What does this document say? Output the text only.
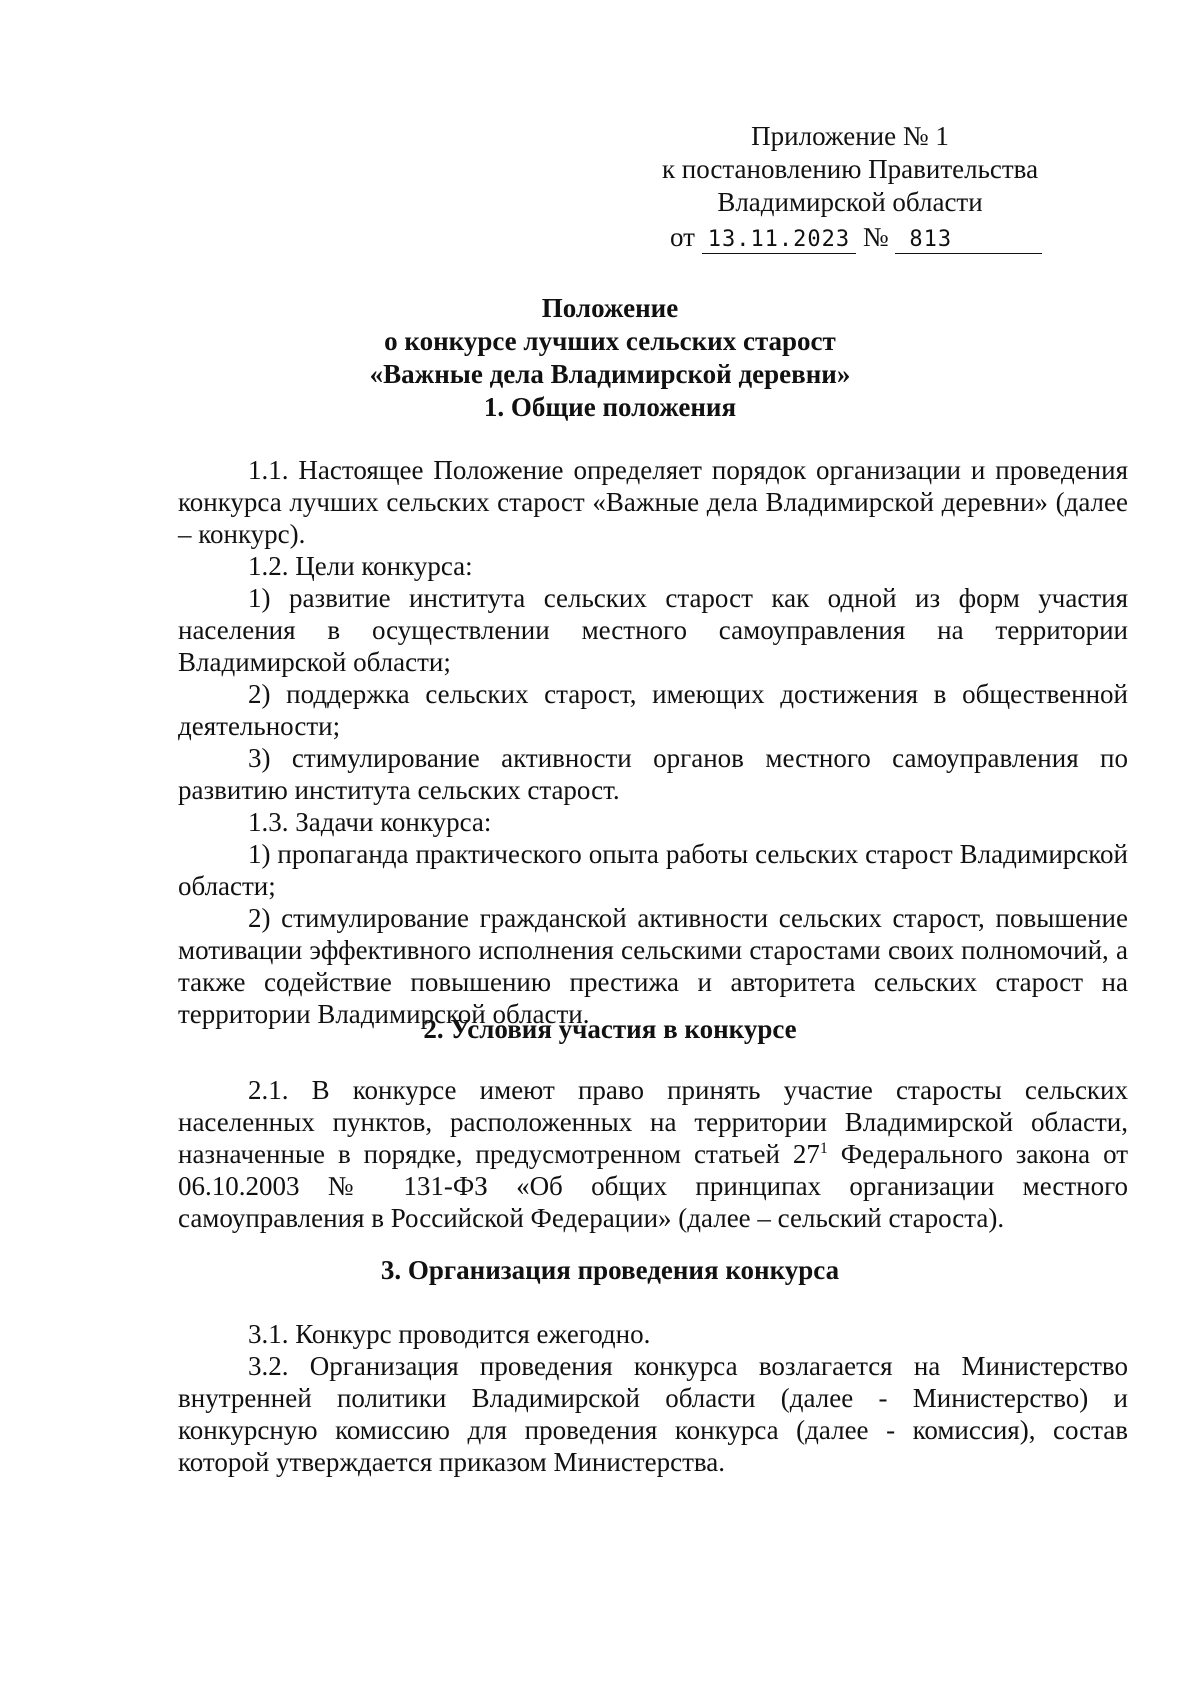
Приложение № 1
к постановлению Правительства
Владимирской области
от 13.11.2023 № 813
Положение
о конкурсе лучших сельских старост
«Важные дела Владимирской деревни»
1. Общие положения

1.1. Настоящее Положение определяет порядок организации и проведения конкурса лучших сельских старост «Важные дела Владимирской деревни» (далее – конкурс).

1.2. Цели конкурса:

1) развитие института сельских старост как одной из форм участия населения в осуществлении местного самоуправления на территории Владимирской области;

2) поддержка сельских старост, имеющих достижения в общественной деятельности;

3) стимулирование активности органов местного самоуправления по развитию института сельских старост.

1.3. Задачи конкурса:

1) пропаганда практического опыта работы сельских старост Владимирской области;

2) стимулирование гражданской активности сельских старост, повышение мотивации эффективного исполнения сельскими старостами своих полномочий, а также содействие повышению престижа и авторитета сельских старост на территории Владимирской области.

2. Условия участия в конкурсе

2.1. В конкурсе имеют право принять участие старосты сельских населенных пунктов, расположенных на территории Владимирской области, назначенные в порядке, предусмотренном статьей $27^1$ Федерального закона от 06.10.2003 № 131-ФЗ «Об общих принципах организации местного самоуправления в Российской Федерации» (далее – сельский староста).

3. Организация проведения конкурса

3.1. Конкурс проводится ежегодно.

3.2. Организация проведения конкурса возлагается на Министерство внутренней политики Владимирской области (далее - Министерство) и конкурсную комиссию для проведения конкурса (далее - комиссия), состав которой утверждается приказом Министерства.
